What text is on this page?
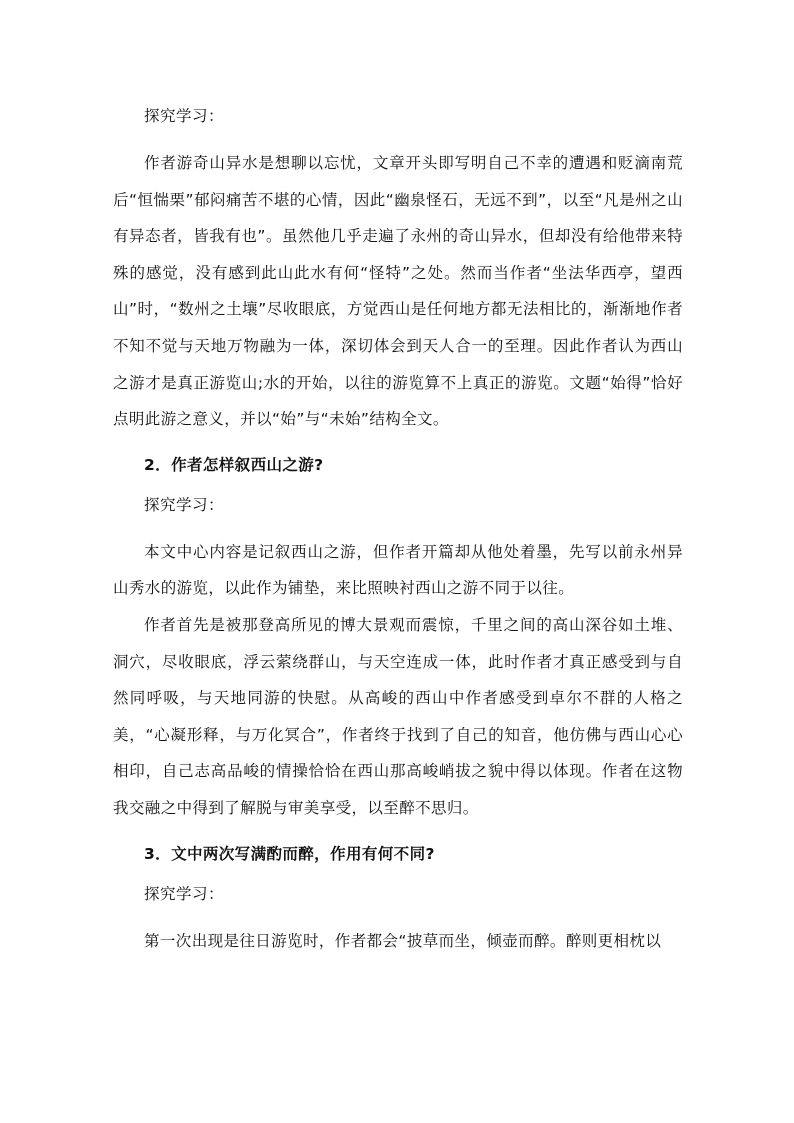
探究学习：

作者游奇山异水是想聊以忘忧，文章开头即写明自己不幸的遭遇和贬滴南荒后“恒惴栗”郁闷痛苦不堪的心情，因此“幽泉怪石，无远不到”，以至“凡是州之山有异态者，皆我有也”。虽然他几乎走遍了永州的奇山异水，但却没有给他带来特殊的感觉，没有感到此山此水有何“怪特”之处。然而当作者“坐法华西亭，望西山”时，“数州之土壤”尽收眼底，方觉西山是任何地方都无法相比的，渐渐地作者不知不觉与天地万物融为一体，深切体会到天人合一的至理。因此作者认为西山之游才是真正游览山;水的开始，以往的游览算不上真正的游览。文题“始得”恰好点明此游之意义，并以“始”与“未始”结构全文。

2．作者怎样叙西山之游?

探究学习：

本文中心内容是记叙西山之游，但作者开篇却从他处着墨，先写以前永州异山秀水的游览，以此作为铺垫，来比照映衬西山之游不同于以往。

作者首先是被那登高所见的博大景观而震惊，千里之间的高山深谷如土堆、洞穴，尽收眼底，浮云萦绕群山，与天空连成一体，此时作者才真正感受到与自然同呼吸，与天地同游的快慰。从高峻的西山中作者感受到卓尔不群的人格之美，“心凝形释，与万化冥合”，作者终于找到了自己的知音，他仿佛与西山心心相印，自己志高品峻的情操恰恰在西山那高峻峭拔之貌中得以体现。作者在这物我交融之中得到了解脱与审美享受，以至醉不思归。

3．文中两次写满酌而醉，作用有何不同?

探究学习：

第一次出现是往日游览时，作者都会“披草而坐，倾壶而醉。醉则更相枕以
